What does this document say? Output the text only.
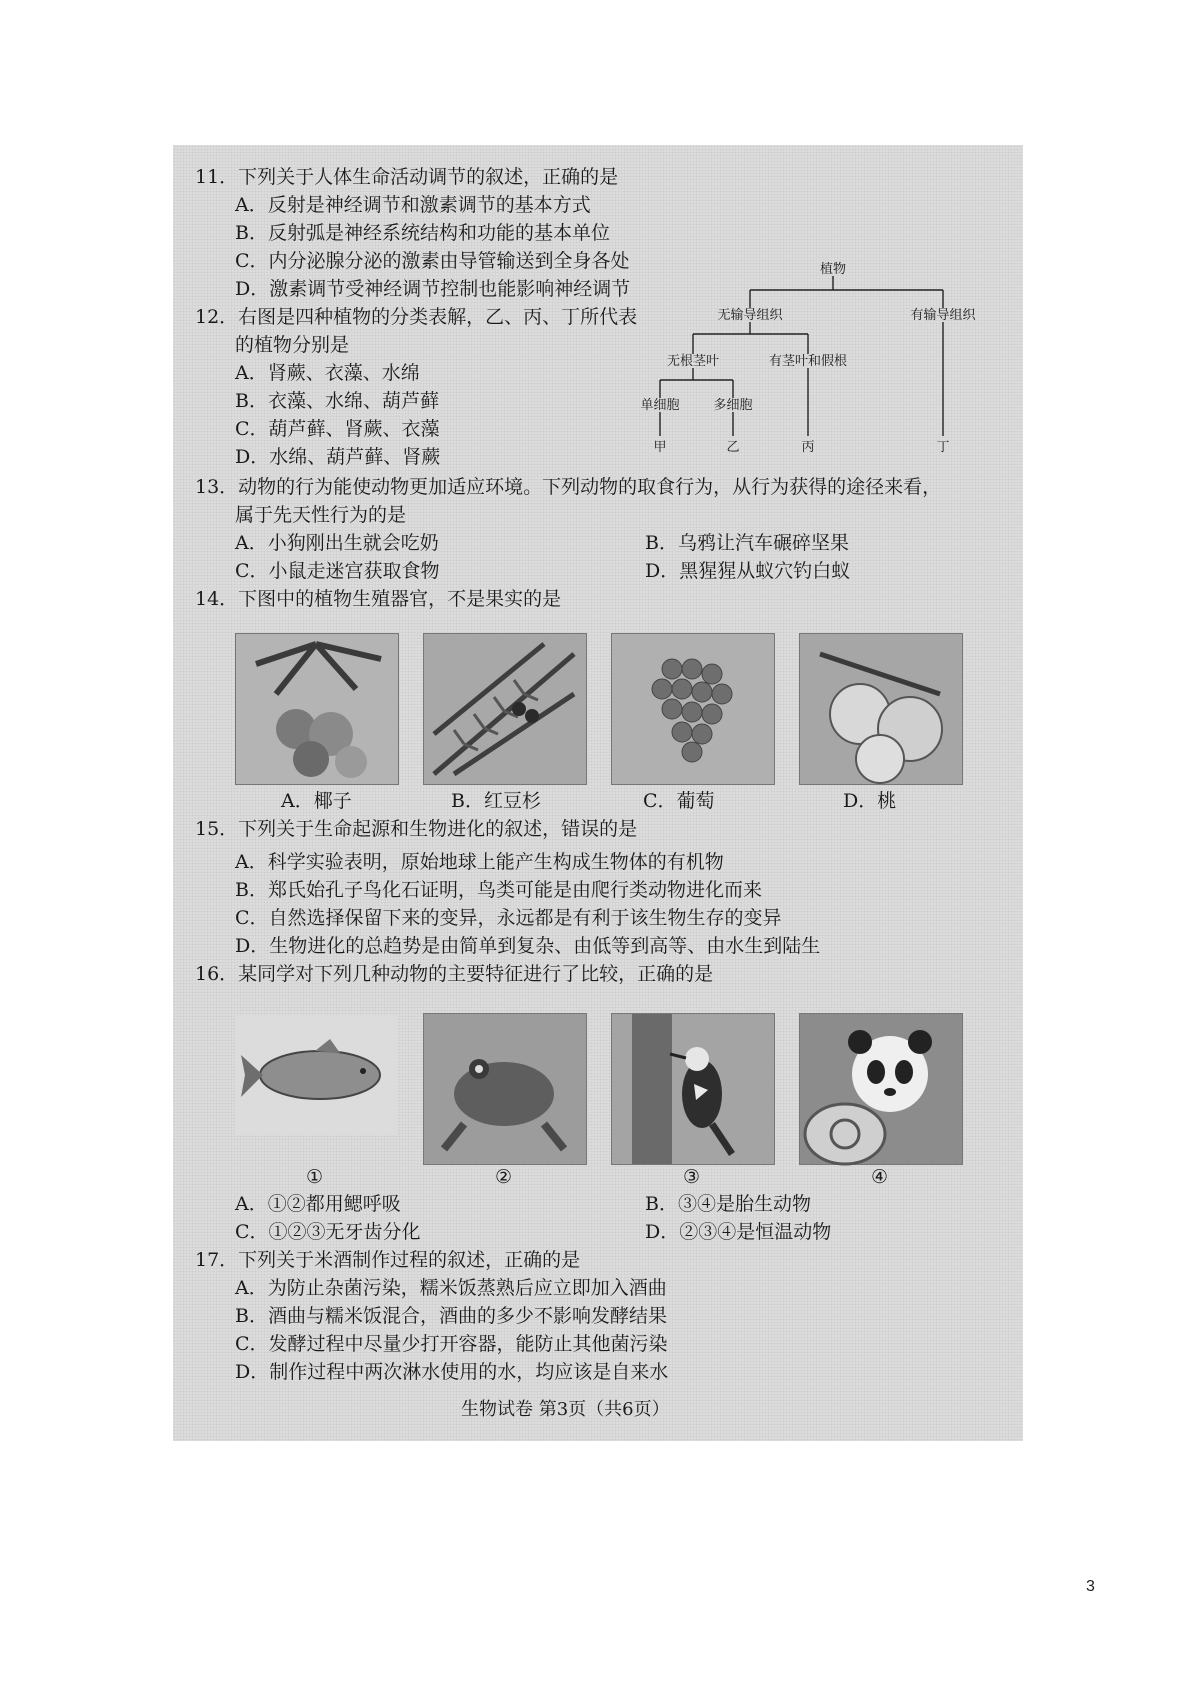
11．下列关于人体生命活动调节的叙述，正确的是
A．反射是神经调节和激素调节的基本方式
B．反射弧是神经系统结构和功能的基本单位
C．内分泌腺分泌的激素由导管输送到全身各处
D．激素调节受神经调节控制也能影响神经调节
12．右图是四种植物的分类表解，乙、丙、丁所代表
的植物分别是
A．肾蕨、衣藻、水绵
B．衣藻、水绵、葫芦藓
C．葫芦藓、肾蕨、衣藻
D．水绵、葫芦藓、肾蕨
植物
无输导组织	有输导组织
无根茎叶	有茎叶和假根
单细胞	多细胞
甲	乙	丙	丁
13．动物的行为能使动物更加适应环境。下列动物的取食行为，从行为获得的途径来看，
属于先天性行为的是
A．小狗刚出生就会吃奶	B．乌鸦让汽车碾碎坚果
C．小鼠走迷宫获取食物	D．黑猩猩从蚁穴钓白蚁
14．下图中的植物生殖器官，不是果实的是
A．椰子	B．红豆杉	C．葡萄	D．桃
15．下列关于生命起源和生物进化的叙述，错误的是
A．科学实验表明，原始地球上能产生构成生物体的有机物
B．郑氏始孔子鸟化石证明，鸟类可能是由爬行类动物进化而来
C．自然选择保留下来的变异，永远都是有利于该生物生存的变异
D．生物进化的总趋势是由简单到复杂、由低等到高等、由水生到陆生
16．某同学对下列几种动物的主要特征进行了比较，正确的是
①	②	③	④
A．①②都用鳃呼吸	B．③④是胎生动物
C．①②③无牙齿分化	D．②③④是恒温动物
17．下列关于米酒制作过程的叙述，正确的是
A．为防止杂菌污染，糯米饭蒸熟后应立即加入酒曲
B．酒曲与糯米饭混合，酒曲的多少不影响发酵结果
C．发酵过程中尽量少打开容器，能防止其他菌污染
D．制作过程中两次淋水使用的水，均应该是自来水
生物试卷 第3页（共6页）
3
